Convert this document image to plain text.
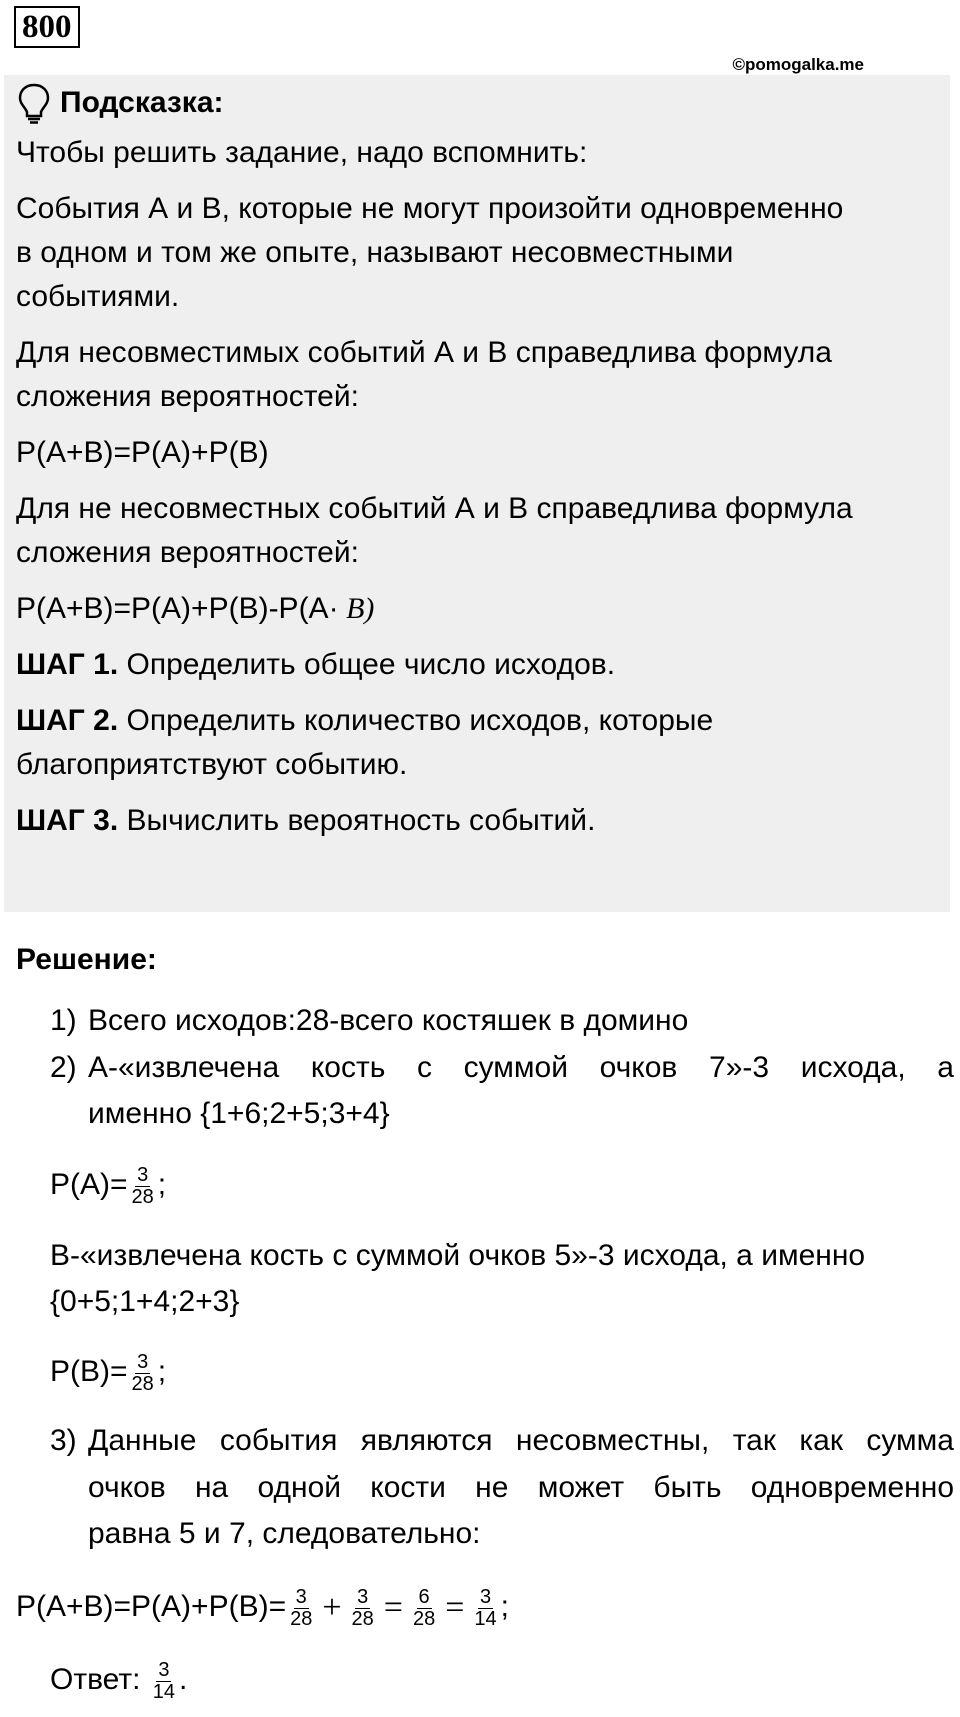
800
©pomogalka.me
Подсказка:
Чтобы решить задание, надо вспомнить:
События А и В, которые не могут произойти одновременно
в одном и том же опыте, называют несовместными
событиями.
Для несовместимых событий А и В справедлива формула
сложения вероятностей:
P(A+B)=P(A)+P(B)
Для не несовместных событий А и В справедлива формула
сложения вероятностей:
P(A+B)=P(A)+P(B)-P(A· B)
ШАГ 1. Определить общее число исходов.
ШАГ 2. Определить количество исходов, которые
благоприятствуют событию.
ШАГ 3. Вычислить вероятность событий.
Решение:
1) Всего исходов:28-всего костяшек в домино
2) А-«извлечена кость с суммой очков 7»-3 исхода, а
именно {1+6;2+5;3+4}
$P(A)= \frac{3}{28}$ ;
В-«извлечена кость с суммой очков 5»-3 исхода, а именно
{0+5;1+4;2+3}
$P(B)= \frac{3}{28}$ ;
3) Данные события являются несовместны, так как сумма
очков на одной кости не может быть одновременно
равна 5 и 7, следовательно:
$P(A+B)=P(A)+P(B)= \frac{3}{28} + \frac{3}{28} = \frac{6}{28} = \frac{3}{14}$ ;
Ответ: $\frac{3}{14}$ .
